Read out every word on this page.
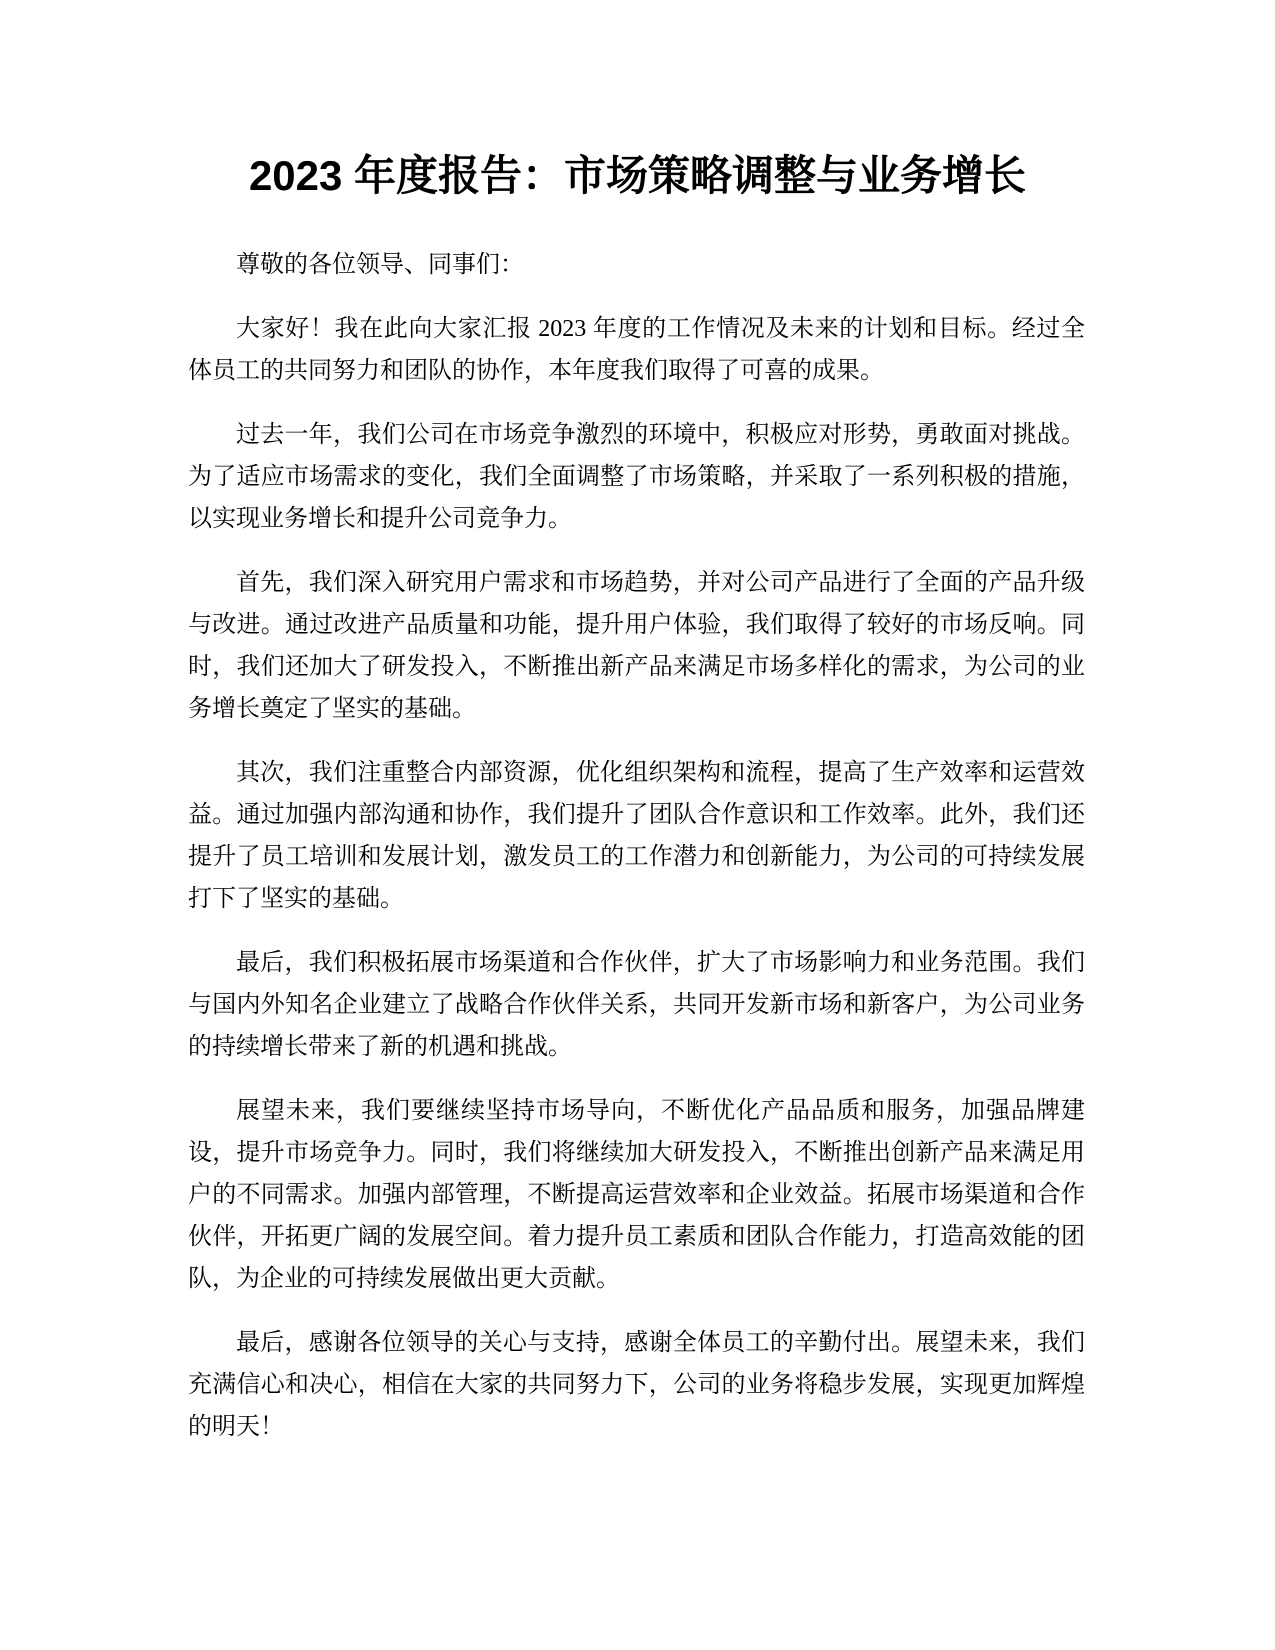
2023 年度报告：市场策略调整与业务增长

尊敬的各位领导、同事们：

大家好！我在此向大家汇报 2023 年度的工作情况及未来的计划和目标。经过全体员工的共同努力和团队的协作，本年度我们取得了可喜的成果。

过去一年，我们公司在市场竞争激烈的环境中，积极应对形势，勇敢面对挑战。为了适应市场需求的变化，我们全面调整了市场策略，并采取了一系列积极的措施，以实现业务增长和提升公司竞争力。

首先，我们深入研究用户需求和市场趋势，并对公司产品进行了全面的产品升级与改进。通过改进产品质量和功能，提升用户体验，我们取得了较好的市场反响。同时，我们还加大了研发投入，不断推出新产品来满足市场多样化的需求，为公司的业务增长奠定了坚实的基础。

其次，我们注重整合内部资源，优化组织架构和流程，提高了生产效率和运营效益。通过加强内部沟通和协作，我们提升了团队合作意识和工作效率。此外，我们还提升了员工培训和发展计划，激发员工的工作潜力和创新能力，为公司的可持续发展打下了坚实的基础。

最后，我们积极拓展市场渠道和合作伙伴，扩大了市场影响力和业务范围。我们与国内外知名企业建立了战略合作伙伴关系，共同开发新市场和新客户，为公司业务的持续增长带来了新的机遇和挑战。

展望未来，我们要继续坚持市场导向，不断优化产品品质和服务，加强品牌建设，提升市场竞争力。同时，我们将继续加大研发投入，不断推出创新产品来满足用户的不同需求。加强内部管理，不断提高运营效率和企业效益。拓展市场渠道和合作伙伴，开拓更广阔的发展空间。着力提升员工素质和团队合作能力，打造高效能的团队，为企业的可持续发展做出更大贡献。

最后，感谢各位领导的关心与支持，感谢全体员工的辛勤付出。展望未来，我们充满信心和决心，相信在大家的共同努力下，公司的业务将稳步发展，实现更加辉煌的明天！
